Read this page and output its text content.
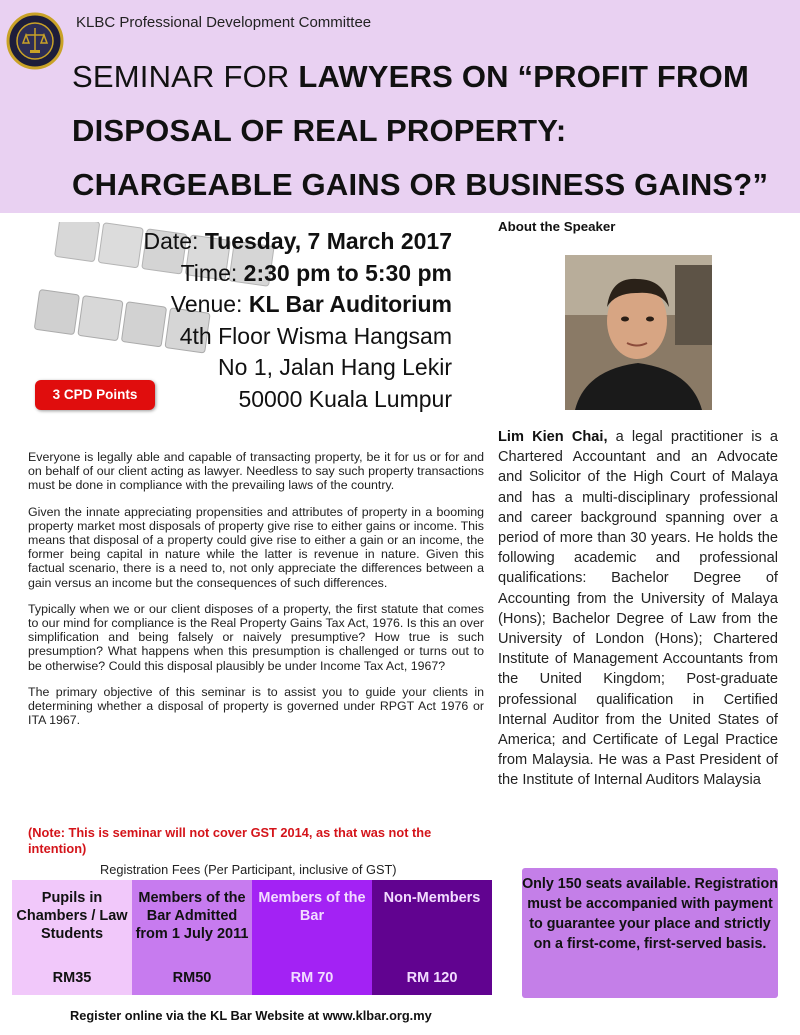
KLBC Professional Development Committee
SEMINAR FOR LAWYERS ON “PROFIT FROM DISPOSAL OF REAL PROPERTY: CHARGEABLE GAINS OR BUSINESS GAINS?”
Date: Tuesday, 7 March 2017
Time: 2:30 pm to 5:30 pm
Venue: KL Bar Auditorium
4th Floor Wisma Hangsam
No 1, Jalan Hang Lekir
50000 Kuala Lumpur
3 CPD Points

Everyone is legally able and capable of transacting property, be it for us or for and on behalf of our client acting as lawyer. Needless to say such property transactions must be done in compliance with the prevailing laws of the country.

Given the innate appreciating propensities and attributes of property in a booming property market most disposals of property give rise to either gains or income. This means that disposal of a property could give rise to either a gain or an income, the former being capital in nature while the latter is revenue in nature. Given this factual scenario, there is a need to, not only appreciate the differences between a gain versus an income but the consequences of such differences.

Typically when we or our client disposes of a property, the first statute that comes to our mind for compliance is the Real Property Gains Tax Act, 1976. Is this an over simplification and being falsely or naively presumptive? How true is such presumption? What happens when this presumption is challenged or turns out to be otherwise? Could this disposal plausibly be under Income Tax Act, 1967?

The primary objective of this seminar is to assist you to guide your clients in determining whether a disposal of property is governed under RPGT Act 1976 or ITA 1967.

(Note: This is seminar will not cover GST 2014, as that was not the intention)
Registration Fees (Per Participant, inclusive of GST)
Pupils in Chambers / Law Students
RM35
Members of the Bar Admitted from 1 July 2011
RM50
Members of the Bar
RM 70
Non-Members
RM 120
Only 150 seats available. Registration must be accompanied with payment to guarantee your place and strictly on a first-come, first-served basis.
Register online via the KL Bar Website at www.klbar.org.my
About the Speaker
Lim Kien Chai, a legal practitioner is a Chartered Accountant and an Advocate and Solicitor of the High Court of Malaya and has a multi-disciplinary professional and career background spanning over a period of more than 30 years. He holds the following academic and professional qualifications: Bachelor Degree of Accounting from the University of Malaya (Hons); Bachelor Degree of Law from the University of London (Hons); Chartered Institute of Management Accountants from the United Kingdom; Post-graduate professional qualification in Certified Internal Auditor from the United States of America; and Certificate of Legal Practice from Malaysia. He was a Past President of the Institute of Internal Auditors Malaysia
